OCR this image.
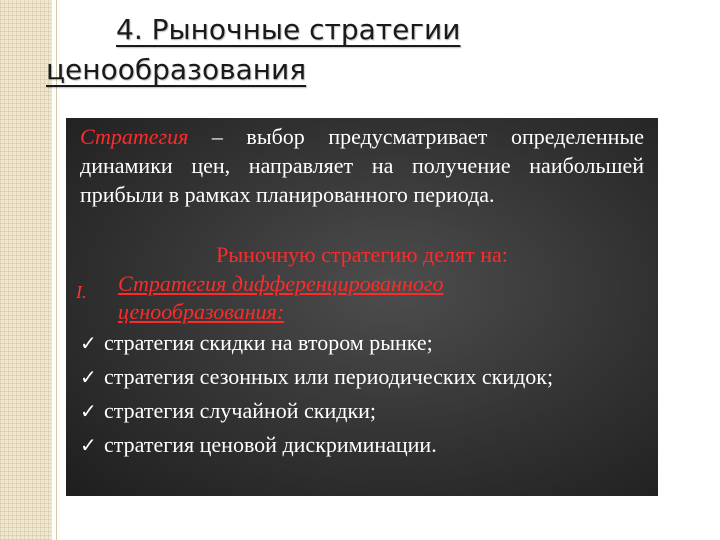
4. Рыночные стратегии
ценообразования
Стратегия – выбор предусматривает определенные динамики цен, направляет на получение наибольшей прибыли в рамках планированного периода.
Рыночную стратегию делят на:
I. Стратегия дифференцированного ценообразования:
✓ стратегия скидки на втором рынке;
✓ стратегия сезонных или периодических скидок;
✓ стратегия случайной скидки;
✓ стратегия ценовой дискриминации.
